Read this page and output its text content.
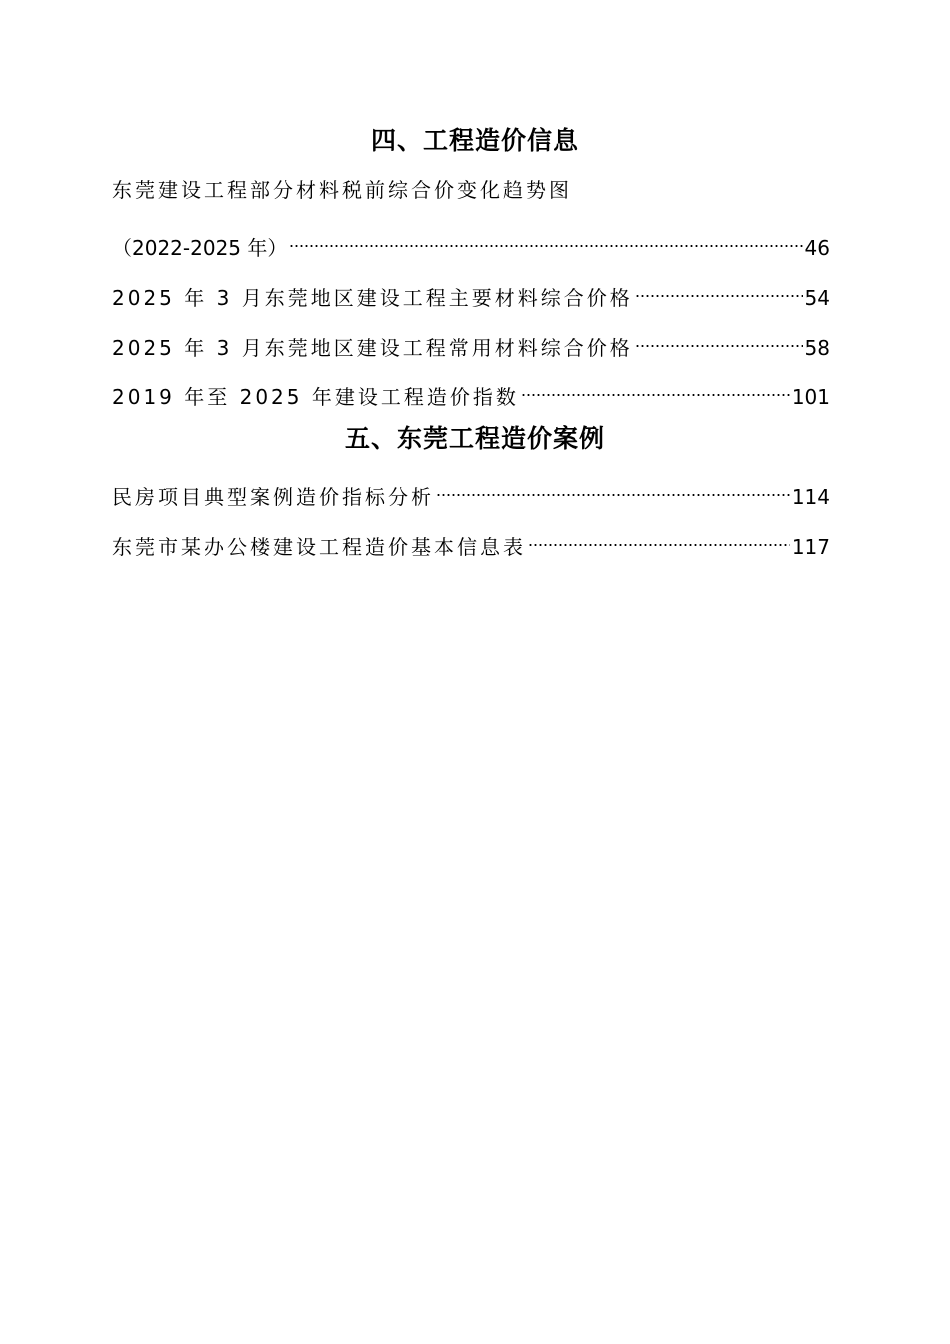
四、工程造价信息
东莞建设工程部分材料税前综合价变化趋势图
（2022-2025 年）	46
2025 年 3 月东莞地区建设工程主要材料综合价格	54
2025 年 3 月东莞地区建设工程常用材料综合价格	58
2019 年至 2025 年建设工程造价指数	101
五、东莞工程造价案例
民房项目典型案例造价指标分析	114
东莞市某办公楼建设工程造价基本信息表	117
